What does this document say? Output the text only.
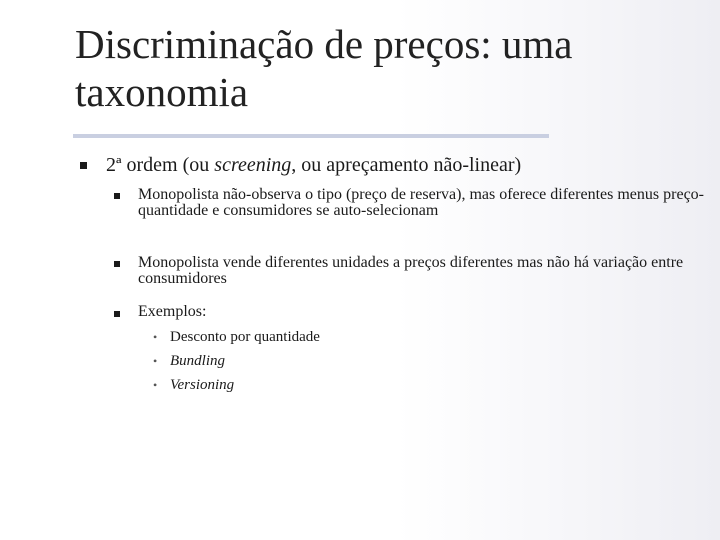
Discriminação de preços: uma taxonomia
2ª ordem (ou screening, ou apreçamento não-linear)
Monopolista não-observa o tipo (preço de reserva), mas oferece diferentes menus preço-quantidade e consumidores se auto-selecionam
Monopolista vende diferentes unidades a preços diferentes mas não há variação entre consumidores
Exemplos:
• Desconto por quantidade
• Bundling
• Versioning
